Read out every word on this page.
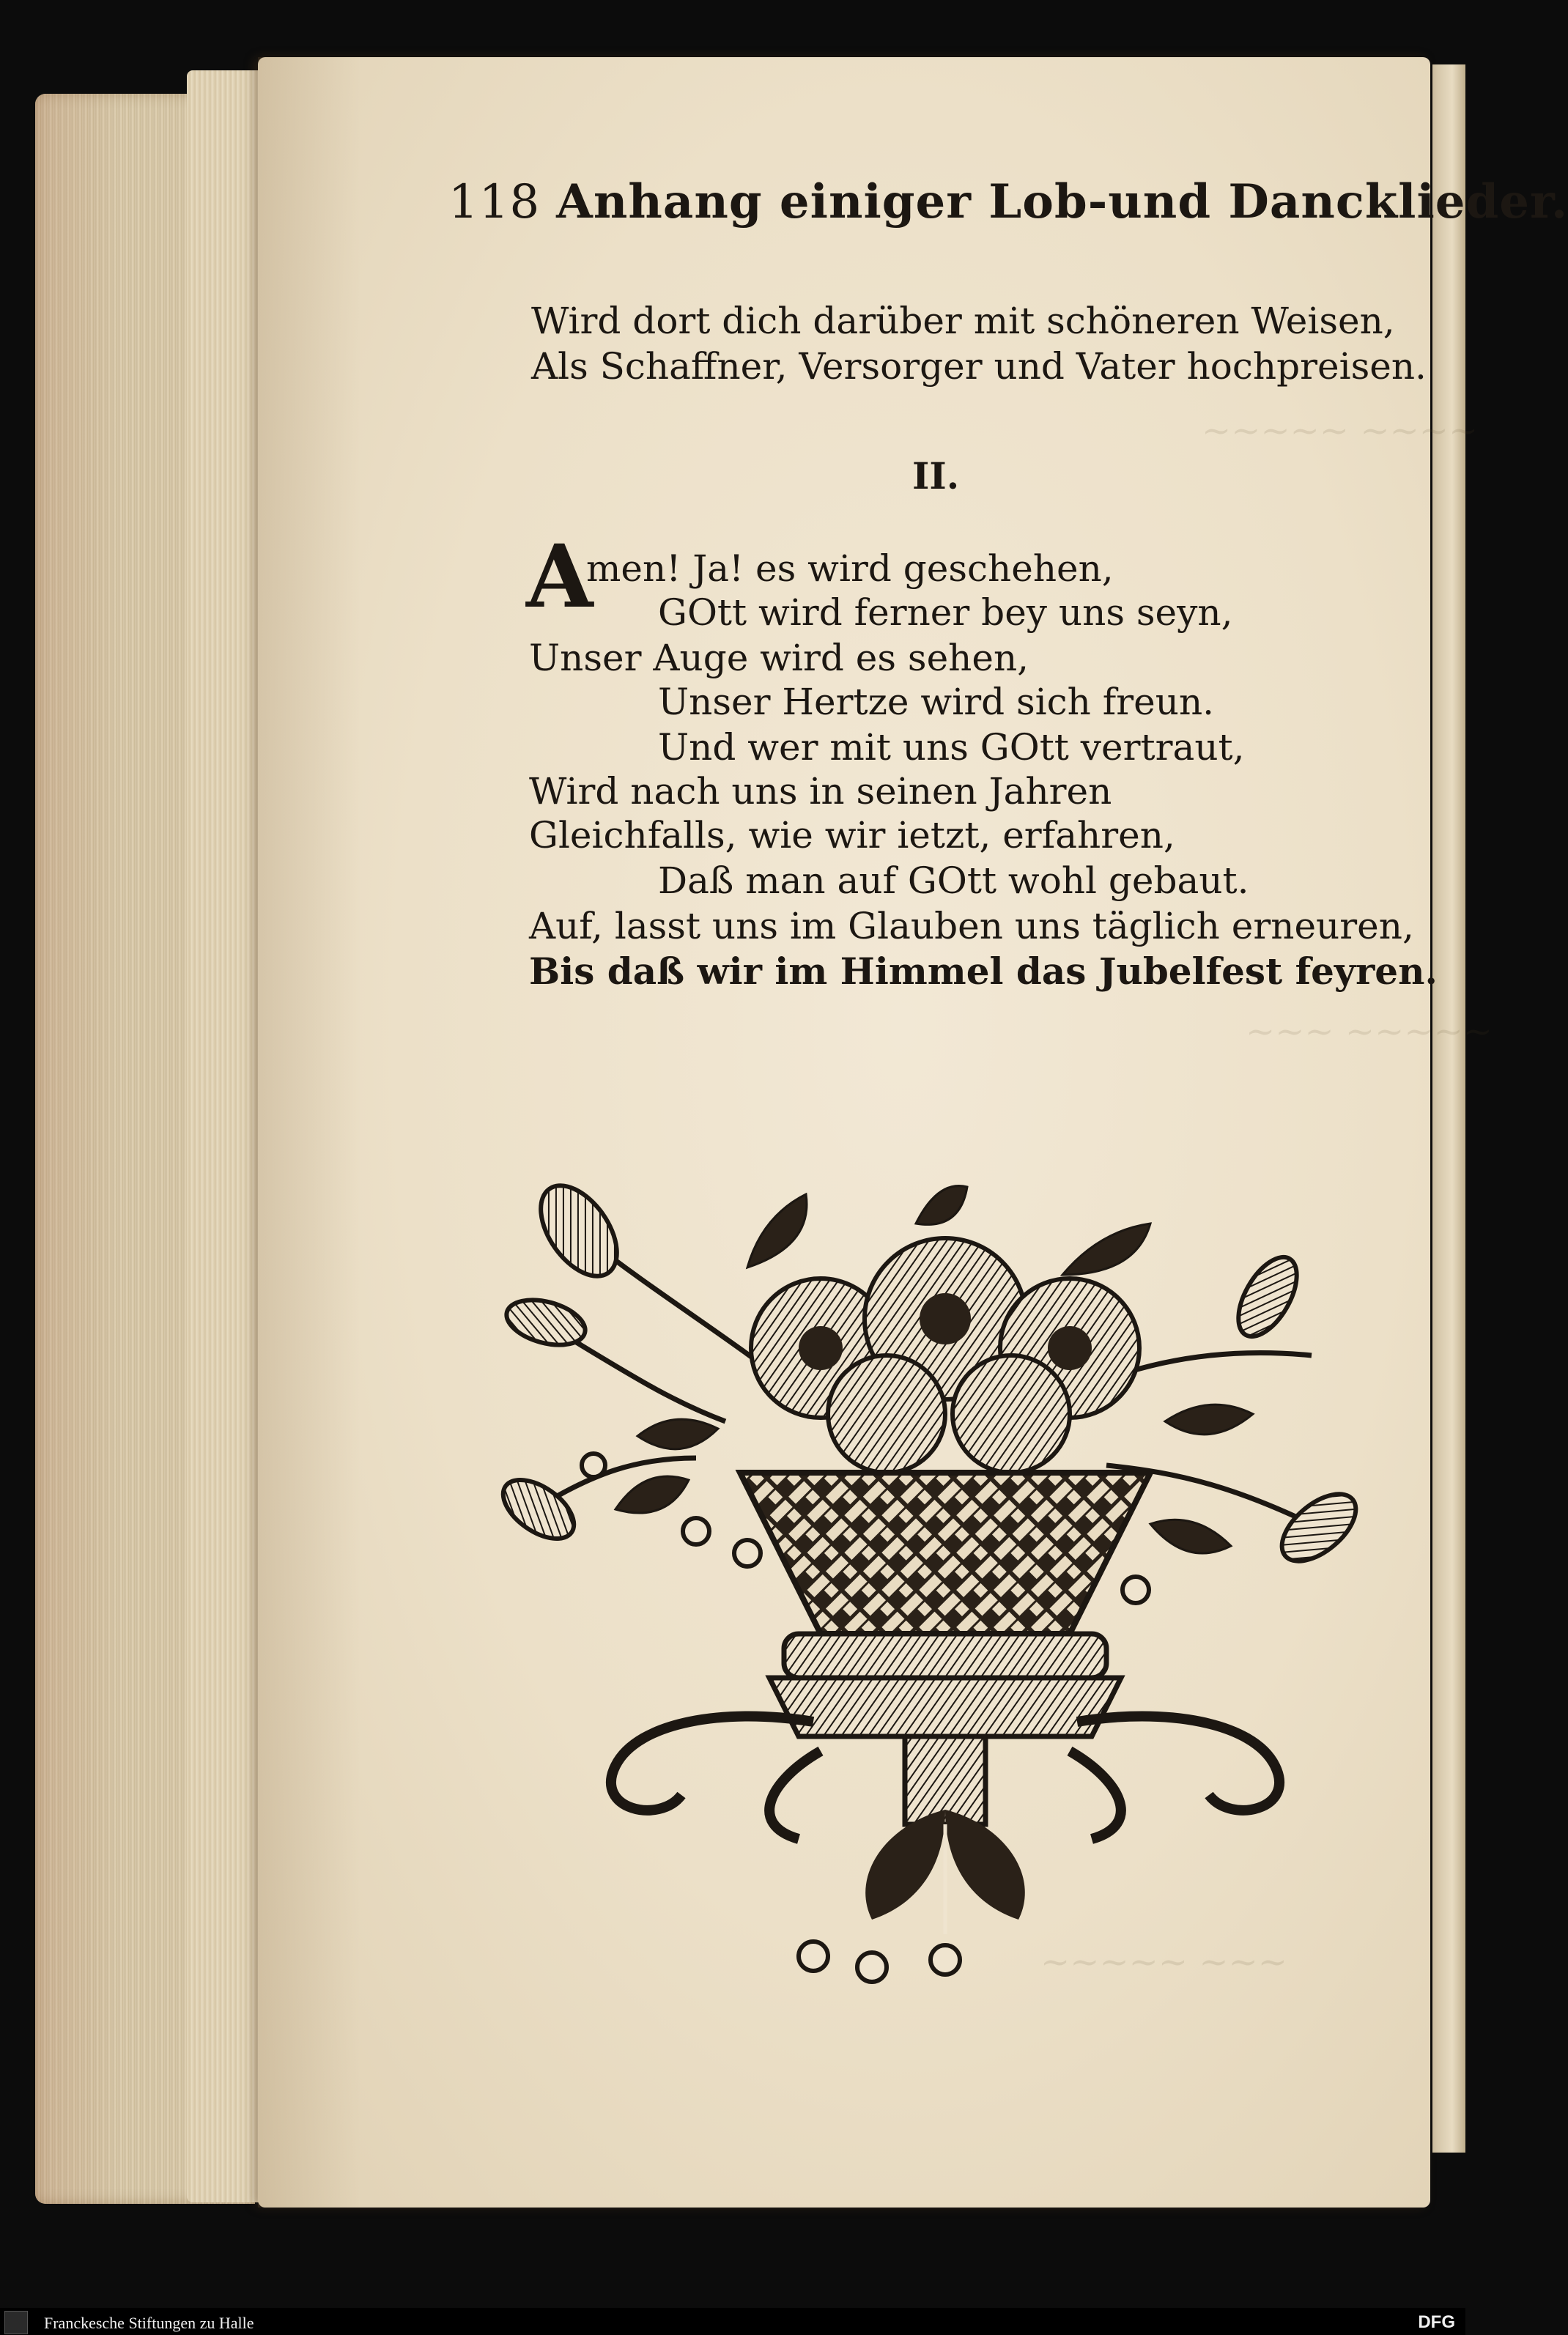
~~~~~ ~~~~
~~~ ~~~~~
~~~~~ ~~~
118 Anhang einiger Lob-und Dancklieder.
Wird dort dich darüber mit schöneren Weisen,
Als Schaffner, Versorger und Vater hochpreisen.
II.
A
men! Ja! es wird geschehen,
GOtt wird ferner bey uns seyn,
Unser Auge wird es sehen,
Unser Hertze wird sich freun.
Und wer mit uns GOtt vertraut,
Wird nach uns in seinen Jahren
Gleichfalls, wie wir ietzt, erfahren,
Daß man auf GOtt wohl gebaut.
Auf, lasst uns im Glauben uns täglich erneuren,
Bis daß wir im Himmel das Jubelfest feyren.
Franckesche Stiftungen zu Halle	DFG
